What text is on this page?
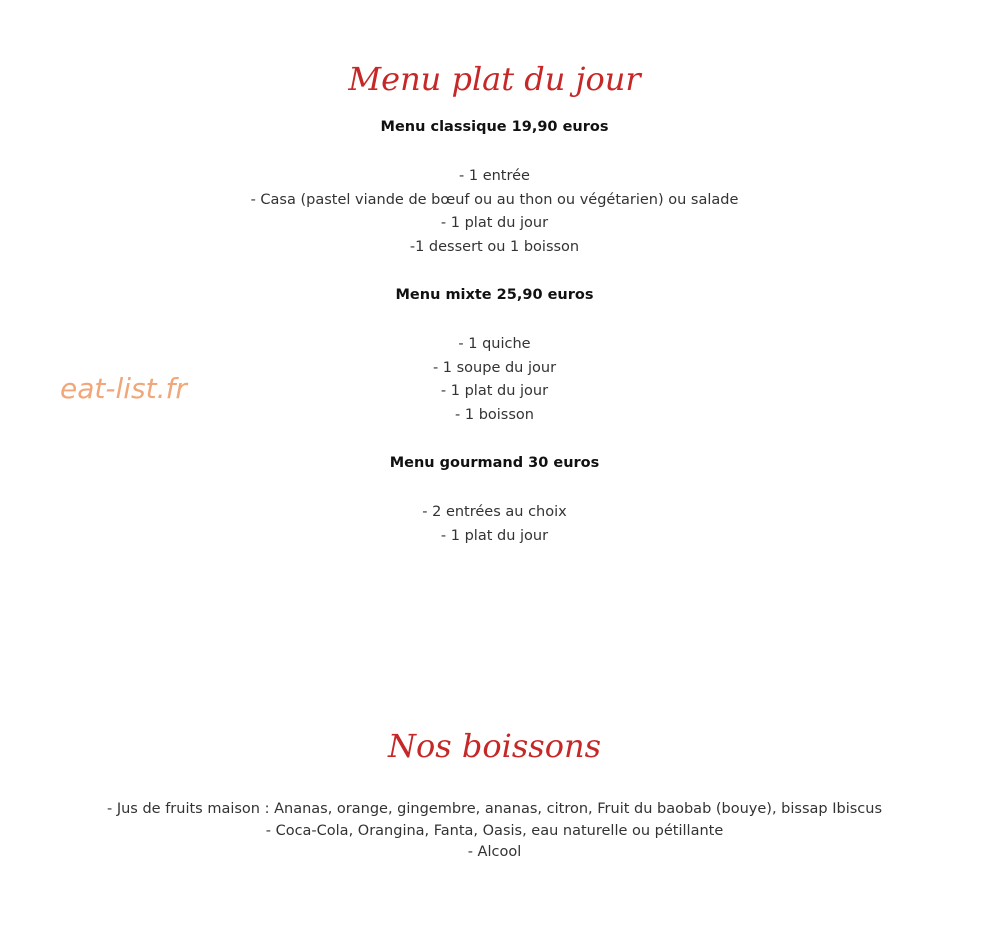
eat-list.fr
Menu plat du jour

Menu classique 19,90 euros

- 1 entrée
- Casa (pastel viande de bœuf ou au thon ou végétarien) ou salade
- 1 plat du jour
-1 dessert ou 1 boisson

Menu mixte 25,90 euros

- 1 quiche
- 1 soupe du jour
- 1 plat du jour
- 1 boisson

Menu gourmand 30 euros

- 2 entrées au choix
- 1 plat du jour
Nos boissons
- Jus de fruits maison : Ananas, orange, gingembre, ananas, citron, Fruit du baobab (bouye), bissap Ibiscus
- Coca-Cola, Orangina, Fanta, Oasis, eau naturelle ou pétillante
- Alcool
